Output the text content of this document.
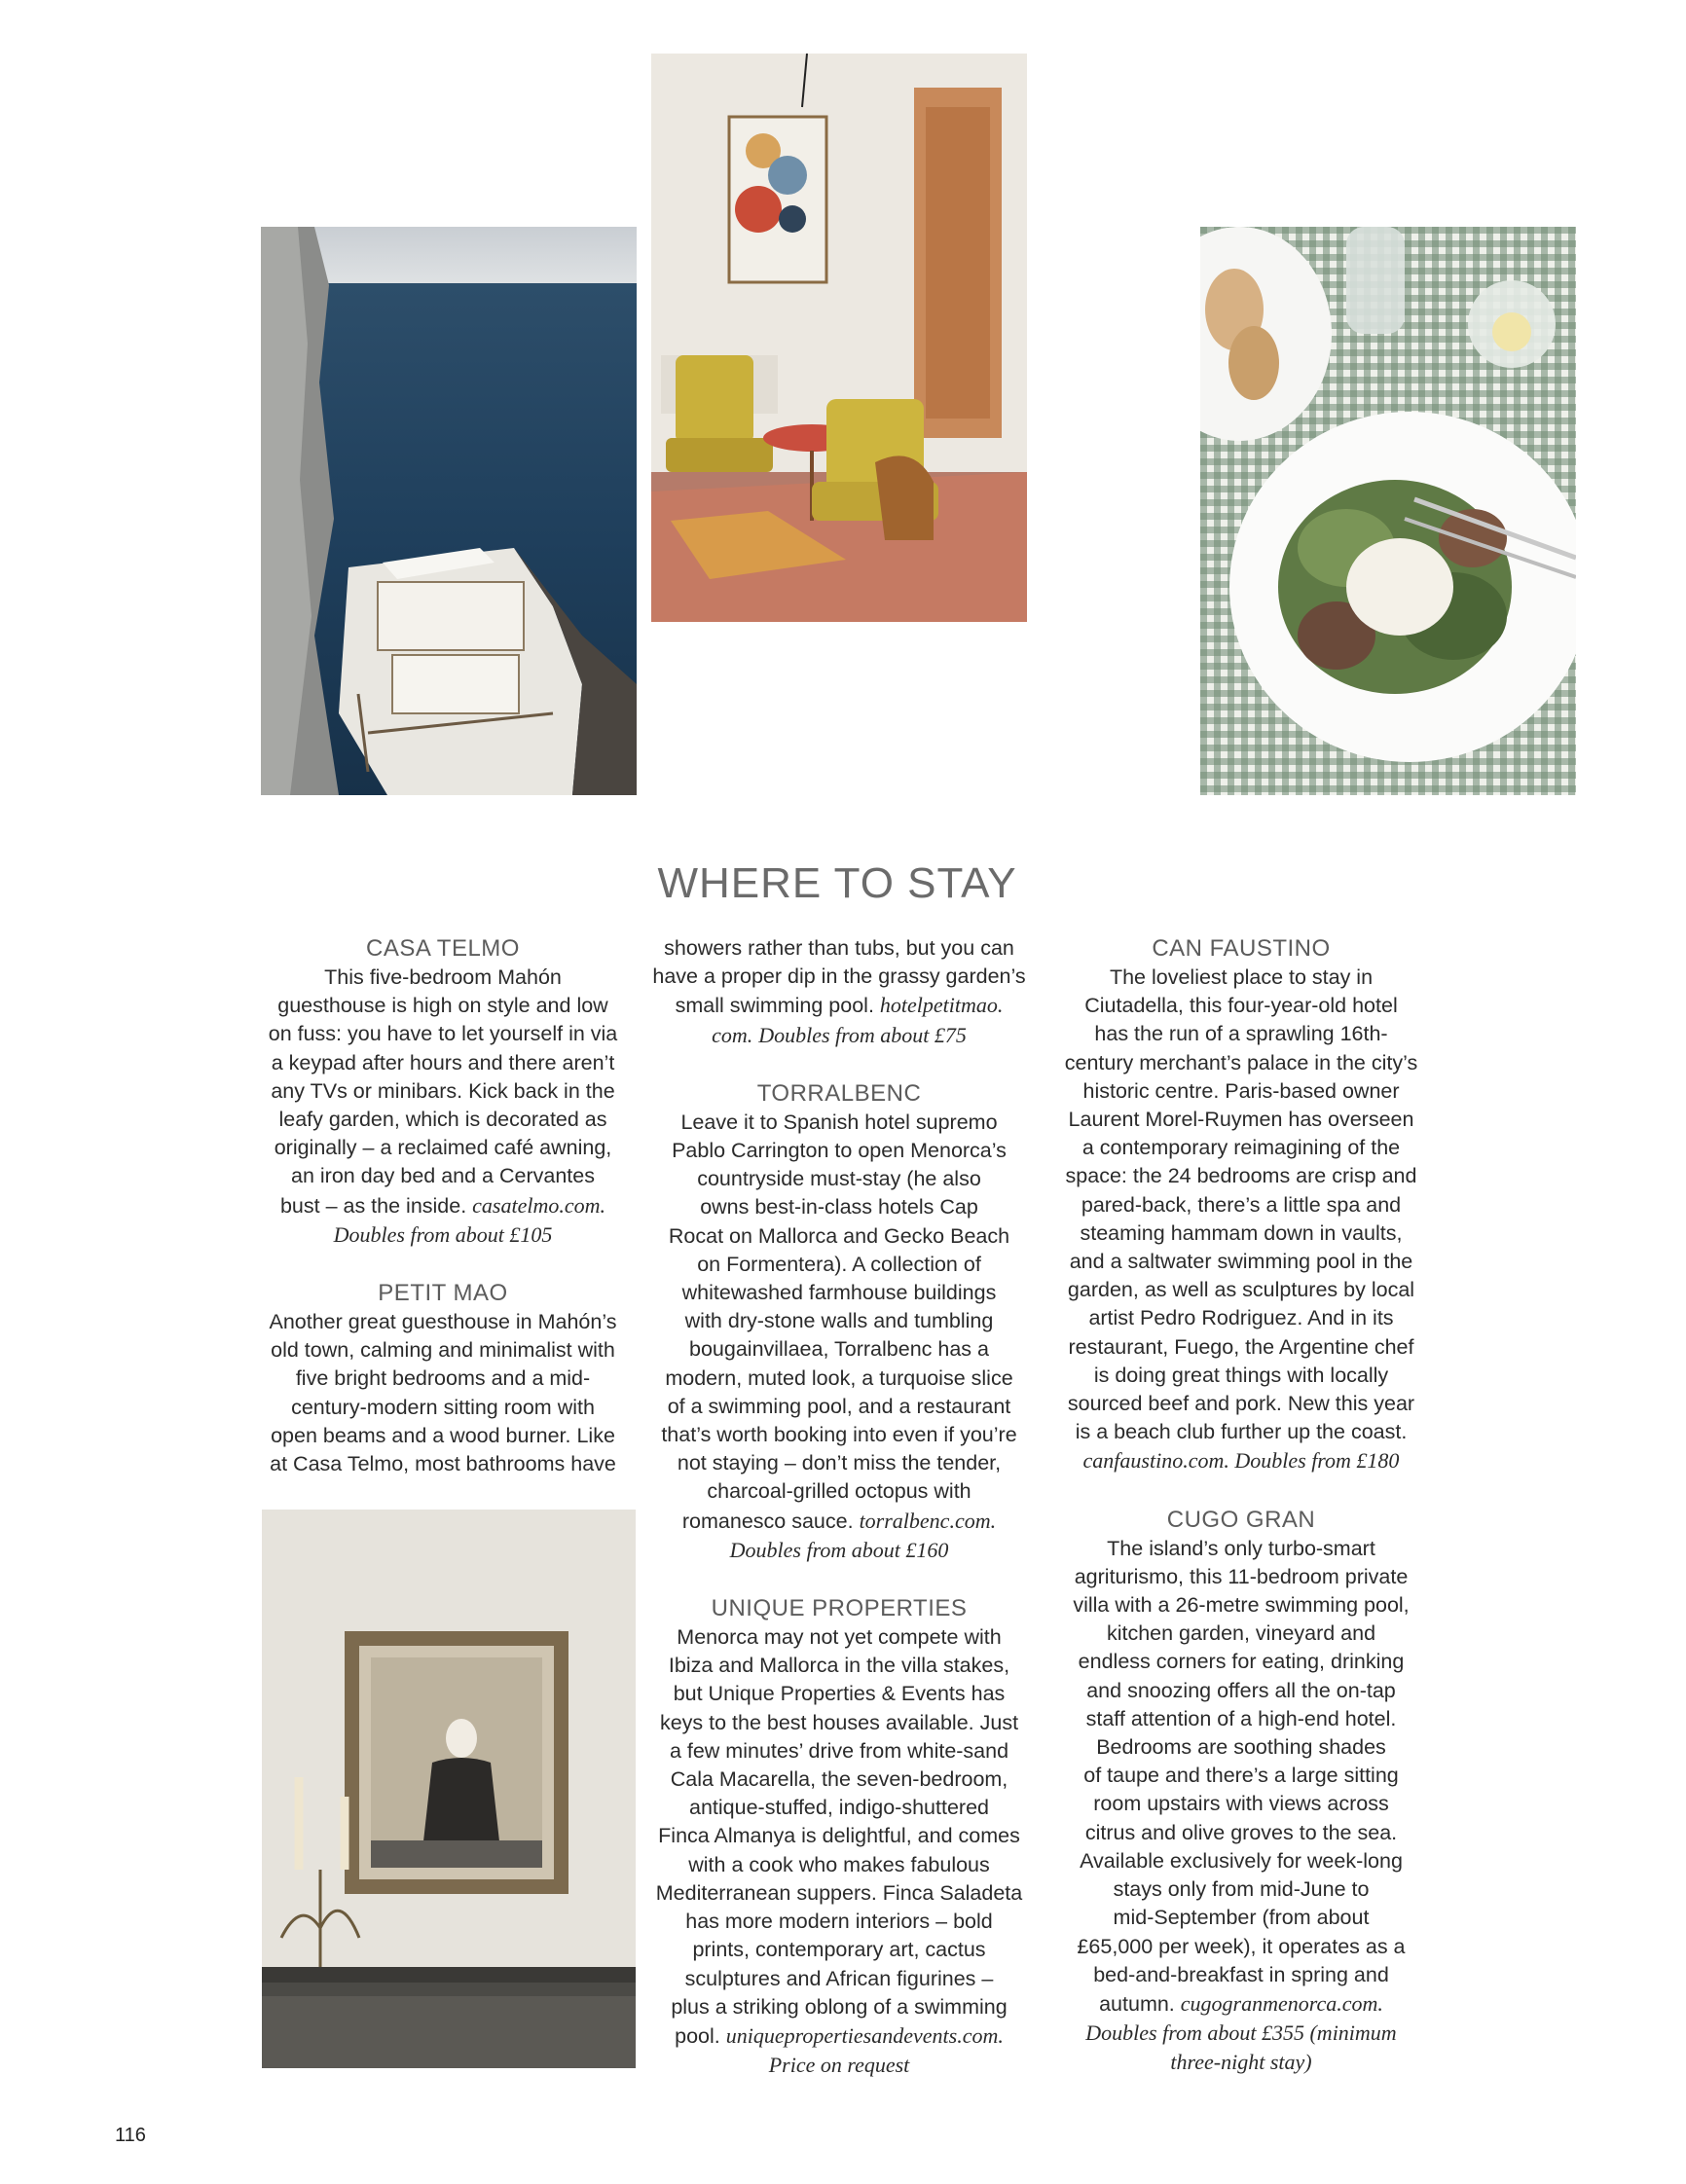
WHERE TO STAY

CASA TELMO

This five-bedroom Mahón

guesthouse is high on style and low

on fuss: you have to let yourself in via

a keypad after hours and there aren’t

any TVs or minibars. Kick back in the

leafy garden, which is decorated as

originally – a reclaimed café awning,

an iron day bed and a Cervantes

bust – as the inside. casatelmo.com.

Doubles from about £105

PETIT MAO

Another great guesthouse in Mahón’s

old town, calming and minimalist with

five bright bedrooms and a mid-

century-modern sitting room with

open beams and a wood burner. Like

at Casa Telmo, most bathrooms have

showers rather than tubs, but you can

have a proper dip in the grassy garden’s

small swimming pool. hotelpetitmao.

com. Doubles from about £75

TORRALBENC

Leave it to Spanish hotel supremo

Pablo Carrington to open Menorca’s

countryside must-stay (he also

owns best-in-class hotels Cap

Rocat on Mallorca and Gecko Beach

on Formentera). A collection of

whitewashed farmhouse buildings

with dry-stone walls and tumbling

bougainvillaea, Torralbenc has a

modern, muted look, a turquoise slice

of a swimming pool, and a restaurant

that’s worth booking into even if you’re

not staying – don’t miss the tender,

charcoal-grilled octopus with

romanesco sauce. torralbenc.com.

Doubles from about £160

UNIQUE PROPERTIES

Menorca may not yet compete with

Ibiza and Mallorca in the villa stakes,

but Unique Properties & Events has

keys to the best houses available. Just

a few minutes’ drive from white-sand

Cala Macarella, the seven-bedroom,

antique-stuffed, indigo-shuttered

Finca Almanya is delightful, and comes

with a cook who makes fabulous

Mediterranean suppers. Finca Saladeta

has more modern interiors – bold

prints, contemporary art, cactus

sculptures and African figurines –

plus a striking oblong of a swimming

pool. uniquepropertiesandevents.com.

Price on request

CAN FAUSTINO

The loveliest place to stay in

Ciutadella, this four-year-old hotel

has the run of a sprawling 16th-

century merchant’s palace in the city’s

historic centre. Paris-based owner

Laurent Morel-Ruymen has overseen

a contemporary reimagining of the

space: the 24 bedrooms are crisp and

pared-back, there’s a little spa and

steaming hammam down in vaults,

and a saltwater swimming pool in the

garden, as well as sculptures by local

artist Pedro Rodriguez. And in its

restaurant, Fuego, the Argentine chef

is doing great things with locally

sourced beef and pork. New this year

is a beach club further up the coast.

canfaustino.com. Doubles from £180

CUGO GRAN

The island’s only turbo-smart

agriturismo, this 11-bedroom private

villa with a 26-metre swimming pool,

kitchen garden, vineyard and

endless corners for eating, drinking

and snoozing offers all the on-tap

staff attention of a high-end hotel.

Bedrooms are soothing shades

of taupe and there’s a large sitting

room upstairs with views across

citrus and olive groves to the sea.

Available exclusively for week-long

stays only from mid-June to

mid-September (from about

£65,000 per week), it operates as a

bed-and-breakfast in spring and

autumn. cugogranmenorca.com.

Doubles from about £355 (minimum

three-night stay)

116
